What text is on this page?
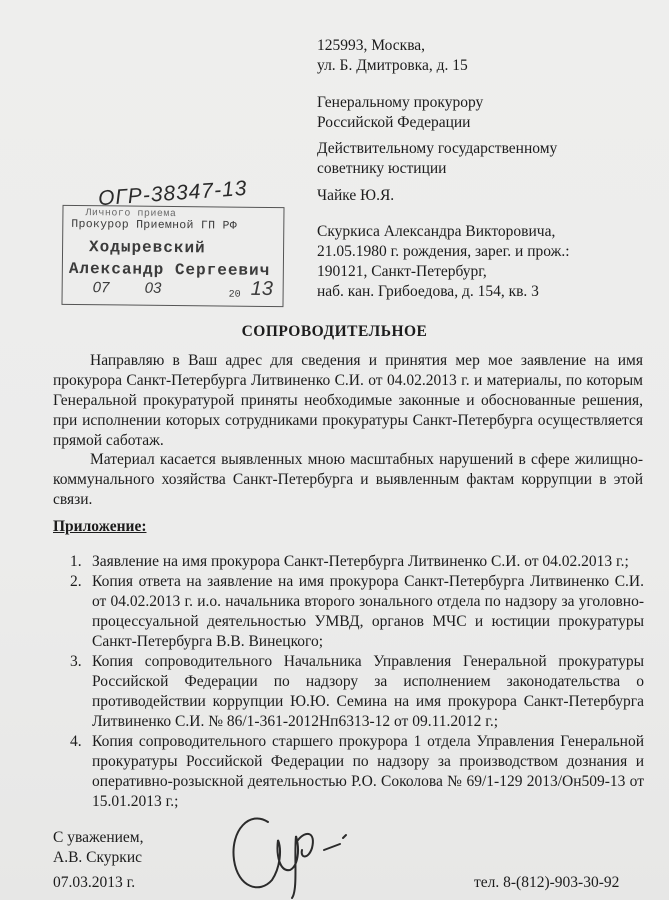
125993, Москва,
ул. Б. Дмитровка, д. 15
Генеральному прокурору
Российской Федерации
Действительному государственному
советнику юстиции
Чайке Ю.Я.
Скуркиса Александра Викторовича,
21.05.1980 г. рождения, зарег. и прож.:
190121, Санкт-Петербург,
наб. кан. Грибоедова, д. 154, кв. 3
ОГР-38347-13
Личного приема
Прокурор Приемной ГП РФ
Ходыревский
Александр Сергеевич
07 03	20 13
СОПРОВОДИТЕЛЬНОЕ
Направляю в Ваш адрес для сведения и принятия мер мое заявление на имя прокурора Санкт-Петербурга Литвиненко С.И. от 04.02.2013 г. и материалы, по которым Генеральной прокуратурой приняты необходимые законные и обоснованные решения, при исполнении которых сотрудниками прокуратуры Санкт-Петербурга осуществляется прямой саботаж.
Материал касается выявленных мною масштабных нарушений в сфере жилищно-коммунального хозяйства Санкт-Петербурга и выявленным фактам коррупции в этой связи.
Приложение:
1. Заявление на имя прокурора Санкт-Петербурга Литвиненко С.И. от 04.02.2013 г.;
2. Копия ответа на заявление на имя прокурора Санкт-Петербурга Литвиненко С.И. от 04.02.2013 г. и.о. начальника второго зонального отдела по надзору за уголовно-процессуальной деятельностью УМВД, органов МЧС и юстиции прокуратуры Санкт-Петербурга В.В. Винецкого;
3. Копия сопроводительного Начальника Управления Генеральной прокуратуры Российской Федерации по надзору за исполнением законодательства о противодействии коррупции Ю.Ю. Семина на имя прокурора Санкт-Петербурга Литвиненко С.И. № 86/1-361-2012Нп6313-12 от 09.11.2012 г.;
4. Копия сопроводительного старшего прокурора 1 отдела Управления Генеральной прокуратуры Российской Федерации по надзору за производством дознания и оперативно-розыскной деятельностью Р.О. Соколова № 69/1-129 2013/Он509-13 от 15.01.2013 г.;
С уважением,
А.В. Скуркис
07.03.2013 г.	тел. 8-(812)-903-30-92
